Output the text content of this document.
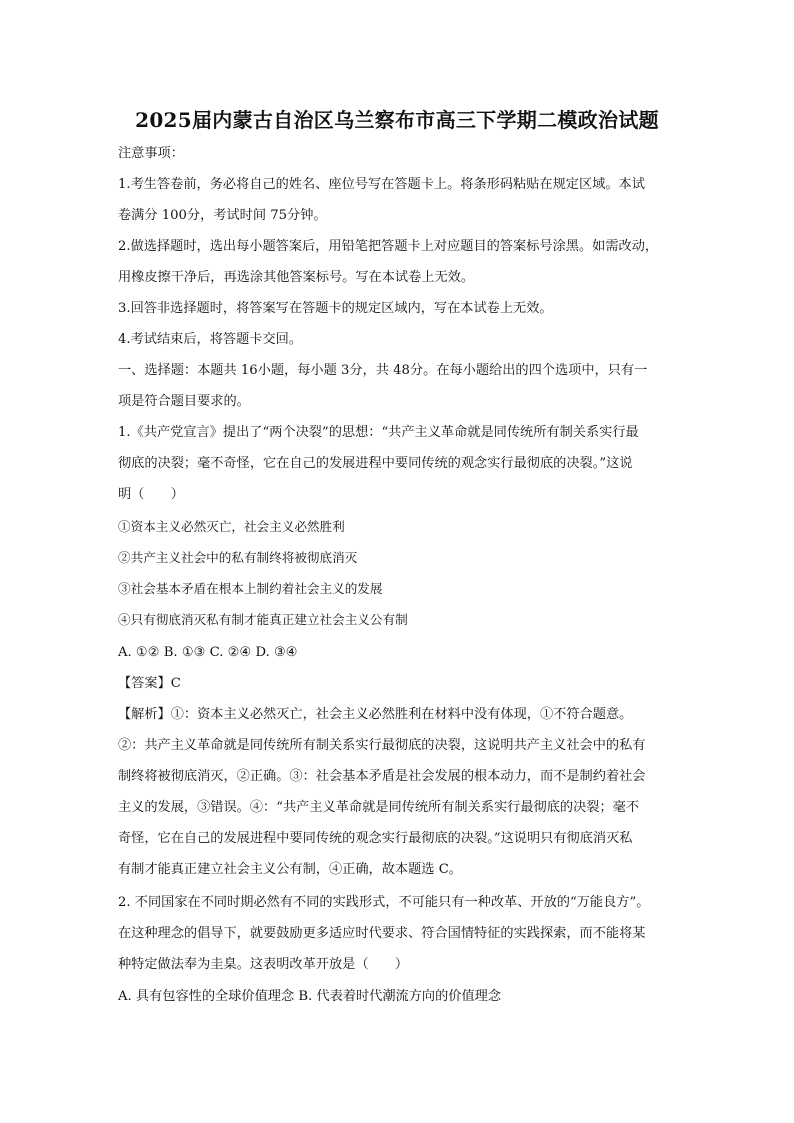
2025届内蒙古自治区乌兰察布市高三下学期二模政治试题
注意事项：
1.考生答卷前，务必将自己的姓名、座位号写在答题卡上。将条形码粘贴在规定区域。本试
卷满分 100分，考试时间 75分钟。
2.做选择题时，选出每小题答案后，用铅笔把答题卡上对应题目的答案标号涂黑。如需改动，
用橡皮擦干净后，再选涂其他答案标号。写在本试卷上无效。
3.回答非选择题时，将答案写在答题卡的规定区域内，写在本试卷上无效。
4.考试结束后，将答题卡交回。
一、选择题：本题共 16小题，每小题 3分，共 48分。在每小题给出的四个选项中，只有一
项是符合题目要求的。
1.《共产党宣言》提出了“两个决裂”的思想：“共产主义革命就是同传统所有制关系实行最
彻底的决裂；毫不奇怪，它在自己的发展进程中要同传统的观念实行最彻底的决裂。”这说
明（　　）
①资本主义必然灭亡，社会主义必然胜利
②共产主义社会中的私有制终将被彻底消灭
③社会基本矛盾在根本上制约着社会主义的发展
④只有彻底消灭私有制才能真正建立社会主义公有制
A. ①② B. ①③ C. ②④ D. ③④
【答案】C
【解析】①：资本主义必然灭亡，社会主义必然胜利在材料中没有体现，①不符合题意。
②：共产主义革命就是同传统所有制关系实行最彻底的决裂，这说明共产主义社会中的私有
制终将被彻底消灭，②正确。③：社会基本矛盾是社会发展的根本动力，而不是制约着社会
主义的发展，③错误。④：“共产主义革命就是同传统所有制关系实行最彻底的决裂；毫不
奇怪，它在自己的发展进程中要同传统的观念实行最彻底的决裂。”这说明只有彻底消灭私
有制才能真正建立社会主义公有制，④正确，故本题选 C。
2. 不同国家在不同时期必然有不同的实践形式，不可能只有一种改革、开放的“万能良方”。
在这种理念的倡导下，就要鼓励更多适应时代要求、符合国情特征的实践探索，而不能将某
种特定做法奉为圭臬。这表明改革开放是（　　）
A. 具有包容性的全球价值理念 B. 代表着时代潮流方向的价值理念
